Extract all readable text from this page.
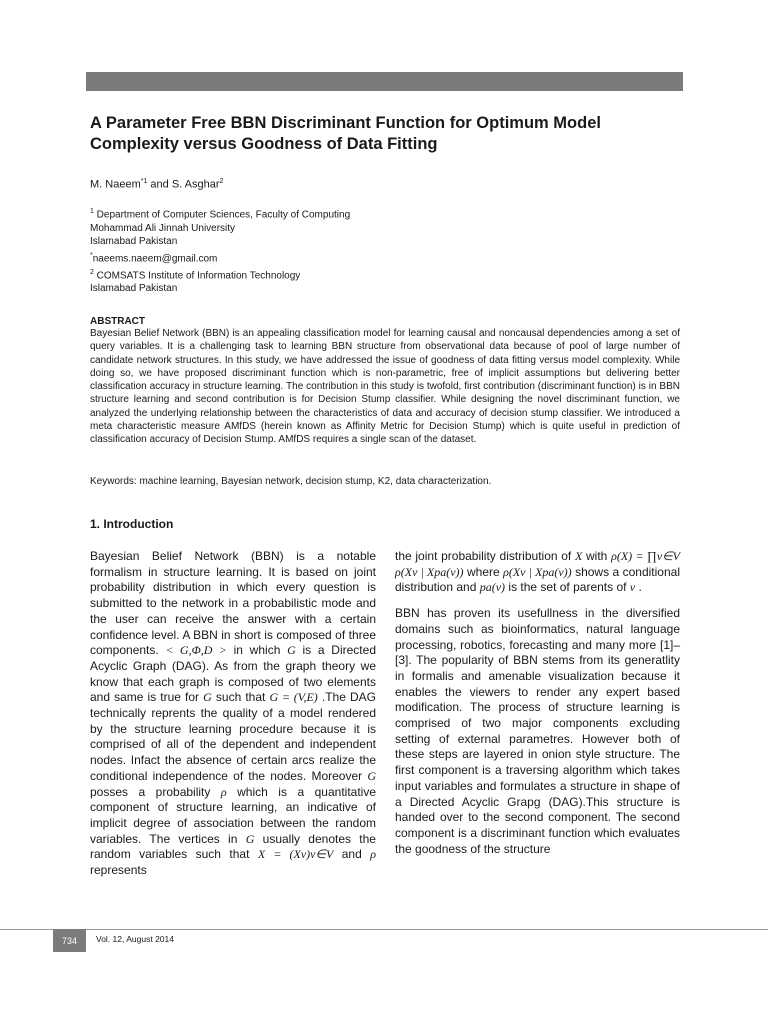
A Parameter Free BBN Discriminant Function for Optimum Model Complexity versus Goodness of Data Fitting
M. Naeem$^{*1}$ and S. Asghar$^2$
$^1$ Department of Computer Sciences, Faculty of Computing
Mohammad Ali Jinnah University
Islamabad Pakistan
*naeems.naeem@gmail.com
$^2$ COMSATS Institute of Information Technology
Islamabad Pakistan
ABSTRACT

Bayesian Belief Network (BBN) is an appealing classification model for learning causal and noncausal dependencies among a set of query variables. It is a challenging task to learning BBN structure from observational data because of pool of large number of candidate network structures. In this study, we have addressed the issue of goodness of data fitting versus model complexity. While doing so, we have proposed discriminant function which is non-parametric, free of implicit assumptions but delivering better classification accuracy in structure learning. The contribution in this study is twofold, first contribution (discriminant function) is in BBN structure learning and second contribution is for Decision Stump classifier. While designing the novel discriminant function, we analyzed the underlying relationship between the characteristics of data and accuracy of decision stump classifier. We introduced a meta characteristic measure AMfDS (herein known as Affinity Metric for Decision Stump) which is quite useful in prediction of classification accuracy of Decision Stump. AMfDS requires a single scan of the dataset.

Keywords: machine learning, Bayesian network, decision stump, K2, data characterization.
1. Introduction

Bayesian Belief Network (BBN) is a notable formalism in structure learning. It is based on joint probability distribution in which every question is submitted to the network in a probabilistic mode and the user can receive the answer with a certain confidence level. A BBN in short is composed of three components. < G,Φ,D > in which G is a Directed Acyclic Graph (DAG). As from the graph theory we know that each graph is composed of two elements and same is true for G such that G = (V,E) .The DAG technically reprents the quality of a model rendered by the structure learning procedure because it is comprised of all of the dependent and independent nodes. Infact the absence of certain arcs realize the conditional independence of the nodes. Moreover G posses a probability ρ which is a quantitative component of structure learning, an indicative of implicit degree of association between the random variables. The vertices in G usually denotes the random variables such that X = (Xv)v∈V and ρ represents

the joint probability distribution of X with ρ(X) = ∏v∈V ρ(Xv | Xpa(v)) where ρ(Xv | Xpa(v)) shows a conditional distribution and pa(v) is the set of parents of v .

BBN has proven its usefullness in the diversified domains such as bioinformatics, natural language processing, robotics, forecasting and many more [1]–[3]. The popularity of BBN stems from its generatlity in formalis and amenable visualization because it enables the viewers to render any expert based modification. The process of structure learning is comprised of two major components excluding setting of external parametres. However both of these steps are layered in onion style structure. The first component is a traversing algorithm which takes input variables and formulates a structure in shape of a Directed Acyclic Grapg (DAG).This structure is handed over to the second component. The second component is a discriminant function which evaluates the goodness of the structure

734	Vol. 12, August 2014
